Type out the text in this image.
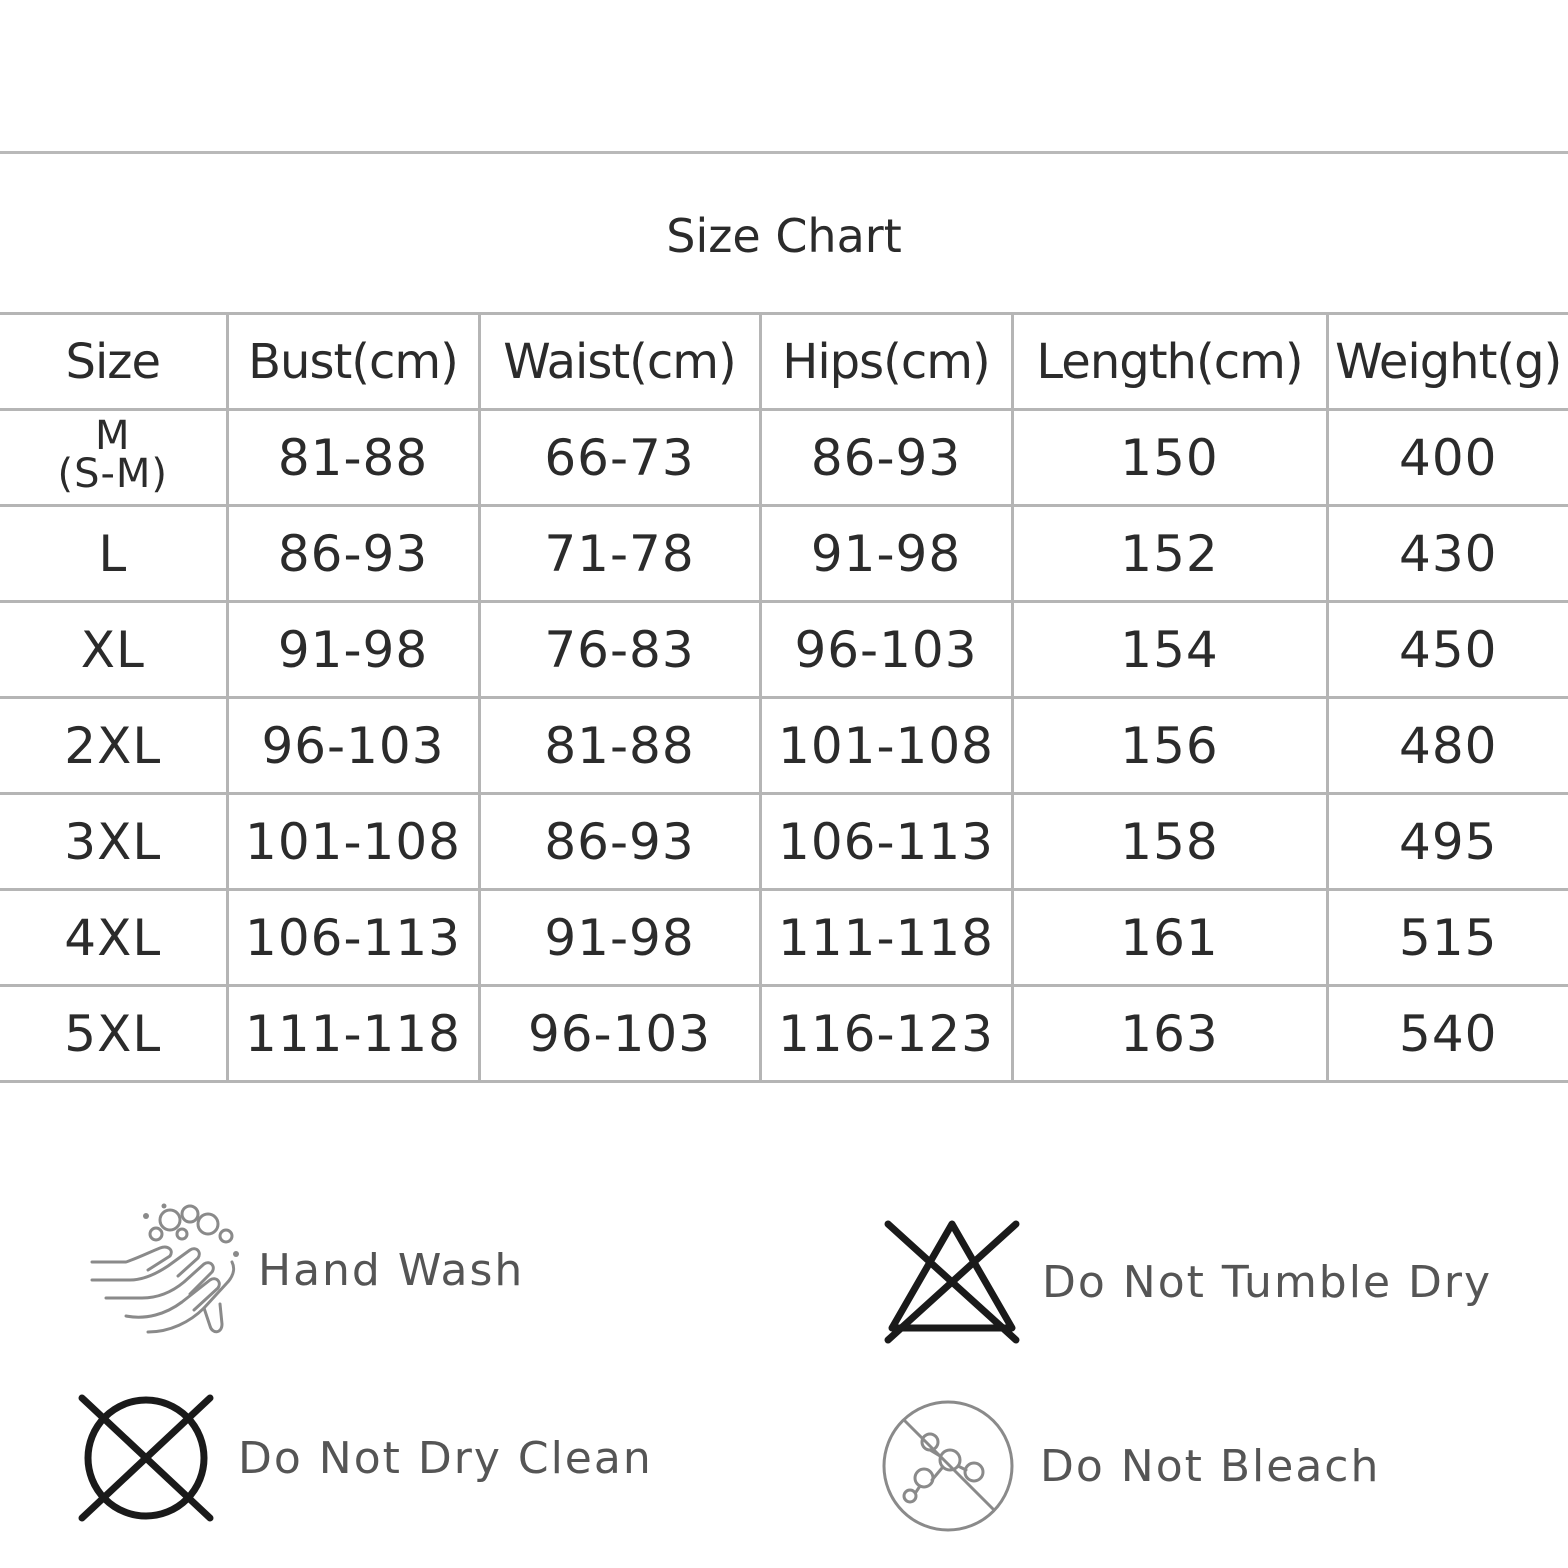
Size Chart
Size	Bust(cm)	Waist(cm)	Hips(cm)	Length(cm)	Weight(g)

M
(S-M)	81-88	66-73	86-93	150	400
L	86-93	71-78	91-98	152	430
XL	91-98	76-83	96-103	154	450
2XL	96-103	81-88	101-108	156	480
3XL	101-108	86-93	106-113	158	495
4XL	106-113	91-98	111-118	161	515
5XL	111-118	96-103	116-123	163	540
Hand Wash	Do Not Tumble Dry
Do Not Dry Clean	Do Not Bleach
